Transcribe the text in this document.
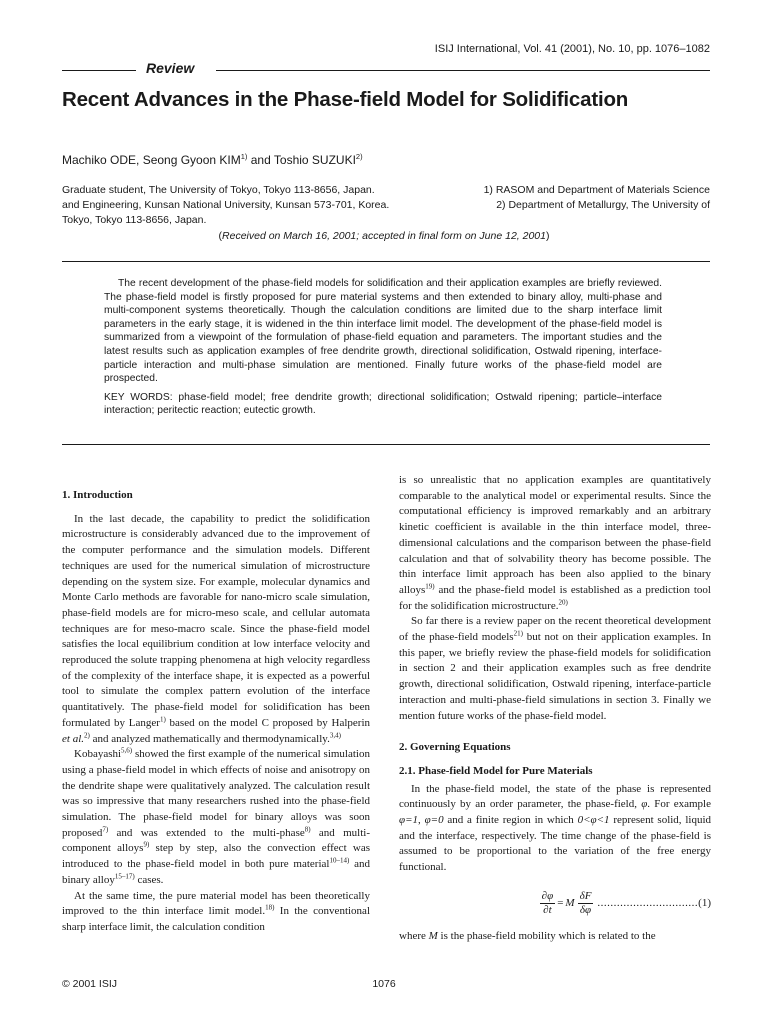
ISIJ International, Vol. 41 (2001), No. 10, pp. 1076–1082
Review
Recent Advances in the Phase-field Model for Solidification
Machiko ODE, Seong Gyoon KIM$^{1)}$ and Toshio SUZUKI$^{2)}$
Graduate student, The University of Tokyo, Tokyo 113-8656, Japan.
and Engineering, Kunsan National University, Kunsan 573-701, Korea.
Tokyo, Tokyo 113-8656, Japan.
1) RASOM and Department of Materials Science
2) Department of Metallurgy, The University of
(Received on March 16, 2001; accepted in final form on June 12, 2001)

The recent development of the phase-field models for solidification and their application examples are briefly reviewed. The phase-field model is firstly proposed for pure material systems and then extended to binary alloy, multi-phase and multi-component systems theoretically. Though the calculation conditions are limited due to the sharp interface limit parameters in the early stage, it is widened in the thin interface limit model. The development of the phase-field model is summarized from a viewpoint of the formulation of phase-field equation and parameters. The important studies and the latest results such as application examples of free dendrite growth, directional solidification, Ostwald ripening, interface-particle interaction and multi-phase simulation are mentioned. Finally future works of the phase-field model are prospected.

KEY WORDS: phase-field model; free dendrite growth; directional solidification; Ostwald ripening; particle–interface interaction; peritectic reaction; eutectic growth.

1. Introduction

In the last decade, the capability to predict the solidification microstructure is considerably advanced due to the improvement of the computer performance and the simulation models. Different techniques are used for the numerical simulation of microstructure depending on the system size. For example, molecular dynamics and Monte Carlo methods are favorable for nano-micro scale simulation, phase-field models are for micro-meso scale, and cellular automata techniques are for meso-macro scale. Since the phase-field model satisfies the local equilibrium condition at low interface velocity and reproduced the solute trapping phenomena at high velocity regardless of the complexity of the interface shape, it is expected as a powerful tool to simulate the complex pattern evolution of the interface quantitatively. The phase-field model for solidification has been formulated by Langer$^{1)}$ based on the model C proposed by Halperin et al.$^{2)}$ and analyzed mathematically and thermodynamically.$^{3,4)}$

Kobayashi$^{5,6)}$ showed the first example of the numerical simulation using a phase-field model in which effects of noise and anisotropy on the dendrite shape were qualitatively analyzed. The calculation result was so impressive that many researchers rushed into the phase-field simulation. The phase-field model for binary alloys was soon proposed$^{7)}$ and was extended to the multi-phase$^{8)}$ and multi-component alloys$^{9)}$ step by step, also the convection effect was introduced to the phase-field model in both pure material$^{10-14)}$ and binary alloy$^{15-17)}$ cases.

At the same time, the pure material model has been theoretically improved to the thin interface limit model.$^{18)}$ In the conventional sharp interface limit, the calculation condition

is so unrealistic that no application examples are quantitatively comparable to the analytical model or experimental results. Since the computational efficiency is improved remarkably and an arbitrary kinetic coefficient is available in the thin interface model, three-dimensional calculations and the comparison between the phase-field calculation and that of solvability theory has become possible. The thin interface limit approach has been also applied to the binary alloys$^{19)}$ and the phase-field model is established as a prediction tool for the solidification microstructure.$^{20)}$

So far there is a review paper on the recent theoretical development of the phase-field models$^{21)}$ but not on their application examples. In this paper, we briefly review the phase-field models for solidification in section 2 and their application examples such as free dendrite growth, directional solidification, Ostwald ripening, interface-particle interaction and multi-phase-field simulations in section 3. Finally we mention future works of the phase-field model.

2. Governing Equations

2.1. Phase-field Model for Pure Materials

In the phase-field model, the state of the phase is represented continuously by an order parameter, the phase-field, φ. For example φ=1, φ=0 and a finite region in which 0<φ<1 represent solid, liquid and the interface, respectively. The time change of the phase-field is assumed to be proportional to the variation of the free energy functional.

$\frac{\partial\varphi}{\partial t} = M \frac{\delta F}{\delta\varphi}$ ............................... (1)

where M is the phase-field mobility which is related to the

© 2001 ISIJ	1076
